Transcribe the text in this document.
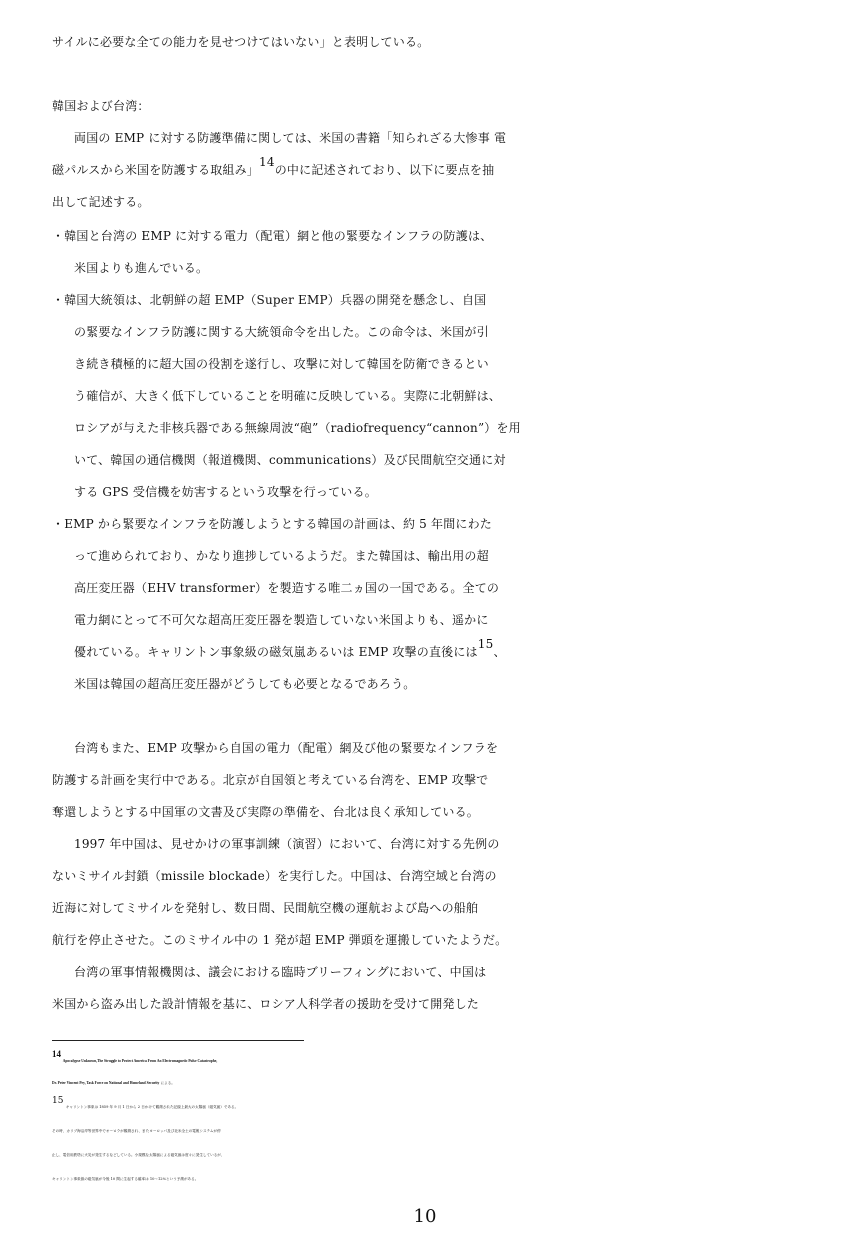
サイルに必要な全ての能力を見せつけてはいない」と表明している。
韓国および台湾：
両国の EMP に対する防護準備に関しては、米国の書籍「知られざる大惨事 電
磁パルスから米国を防護する取組み」$^{14}$の中に記述されており、以下に要点を抽
出して記述する。
・韓国と台湾の EMP に対する電力（配電）網と他の緊要なインフラの防護は、
米国よりも進んでいる。
・韓国大統領は、北朝鮮の超 EMP（Super EMP）兵器の開発を懸念し、自国
の緊要なインフラ防護に関する大統領命令を出した。この命令は、米国が引
き続き積極的に超大国の役割を遂行し、攻撃に対して韓国を防衛できるとい
う確信が、大きく低下していることを明確に反映している。実際に北朝鮮は、
ロシアが与えた非核兵器である無線周波“砲”（radiofrequency“cannon”）を用
いて、韓国の通信機関（報道機関、communications）及び民間航空交通に対
する GPS 受信機を妨害するという攻撃を行っている。
・EMP から緊要なインフラを防護しようとする韓国の計画は、約 5 年間にわた
って進められており、かなり進捗しているようだ。また韓国は、輸出用の超
高圧変圧器（EHV transformer）を製造する唯二ヵ国の一国である。全ての
電力網にとって不可欠な超高圧変圧器を製造していない米国よりも、遥かに
優れている。キャリントン事象級の磁気嵐あるいは EMP 攻撃の直後には$^{15}$、
米国は韓国の超高圧変圧器がどうしても必要となるであろう。
台湾もまた、EMP 攻撃から自国の電力（配電）網及び他の緊要なインフラを
防護する計画を実行中である。北京が自国領と考えている台湾を、EMP 攻撃で
奪還しようとする中国軍の文書及び実際の準備を、台北は良く承知している。
1997 年中国は、見せかけの軍事訓練（演習）において、台湾に対する先例の
ないミサイル封鎖（missile blockade）を実行した。中国は、台湾空域と台湾の
近海に対してミサイルを発射し、数日間、民間航空機の運航および島への船舶
航行を停止させた。このミサイル中の 1 発が超 EMP 弾頭を運搬していたようだ。
台湾の軍事情報機関は、議会における臨時ブリーフィングにおいて、中国は
米国から盗み出した設計情報を基に、ロシア人科学者の援助を受けて開発した
$^{14}$  Apocalypse Unknown,The Struggle to Protect America From An Electromagnetic Pulse Catastrophe,
Dr. Peter Vincent Pry, Task Force on National and Homeland Security による。
$^{15}$  キャリントン事象は 1859 年 9 月 1 日から 2 日かけて観測された記録上最大の太陽嵐（磁気嵐）である。
その時、カリブ海沿岸等世界中でオーロラが観測され、またヨーロッパ及び北米全土の電報システムが停
止し、電信用鉄塔に火災が発生するなどしている。小規模な太陽嵐による磁気嵐は度々に発生しているが、
キャリントン事象級の磁気嵐が今後 10 間に生起する確率は 10～12%という予測がある。
10
